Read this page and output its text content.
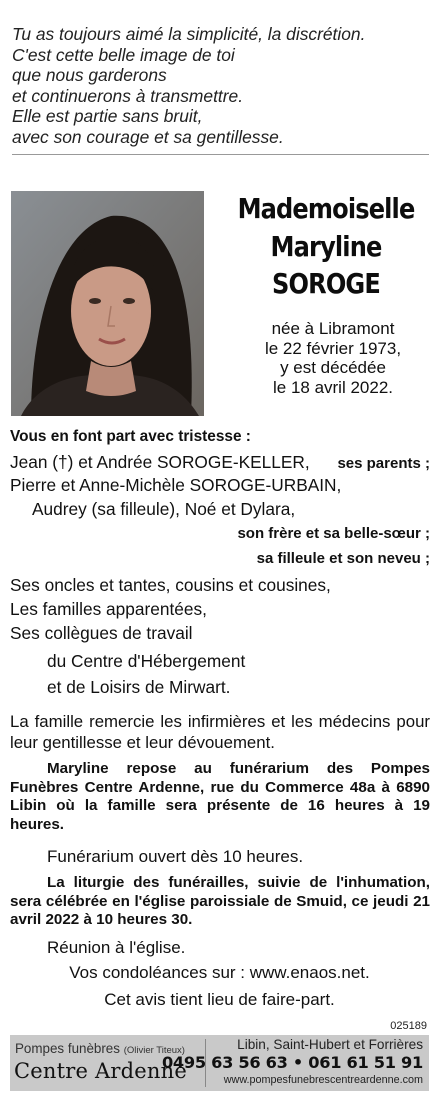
Tu as toujours aimé la simplicité, la discrétion.
C'est cette belle image de toi
que nous garderons
et continuerons à transmettre.
Elle est partie sans bruit,
avec son courage et sa gentillesse.
Mademoiselle
Maryline
SOROGE
née à Libramont
le 22 février 1973,
y est décédée
le 18 avril 2022.
Vous en font part avec tristesse :
Jean (†) et Andrée SOROGE-KELLER, ses parents ;
Pierre et Anne-Michèle SOROGE-URBAIN,
Audrey (sa filleule), Noé et Dylara,
son frère et sa belle-sœur ;
sa filleule et son neveu ;
Ses oncles et tantes, cousins et cousines,
Les familles apparentées,
Ses collègues de travail
du Centre d'Hébergement
et de Loisirs de Mirwart.
La famille remercie les infirmières et les médecins pour leur gentillesse et leur dévouement.
Maryline repose au funérarium des Pompes Funèbres Centre Ardenne, rue du Commerce 48a à 6890 Libin où la famille sera présente de 16 heures à 19 heures.
Funérarium ouvert dès 10 heures.
La liturgie des funérailles, suivie de l'inhumation, sera célébrée en l'église paroissiale de Smuid, ce jeudi 21 avril 2022 à 10 heures 30.
Réunion à l'église.
Vos condoléances sur : www.enaos.net.
Cet avis tient lieu de faire-part.
025189
Pompes funèbres (Olivier Titeux)
Centre Ardenne
Libin, Saint-Hubert et Forrières
0495 63 56 63 • 061 61 51 91
www.pompesfunebrescentreardenne.com
